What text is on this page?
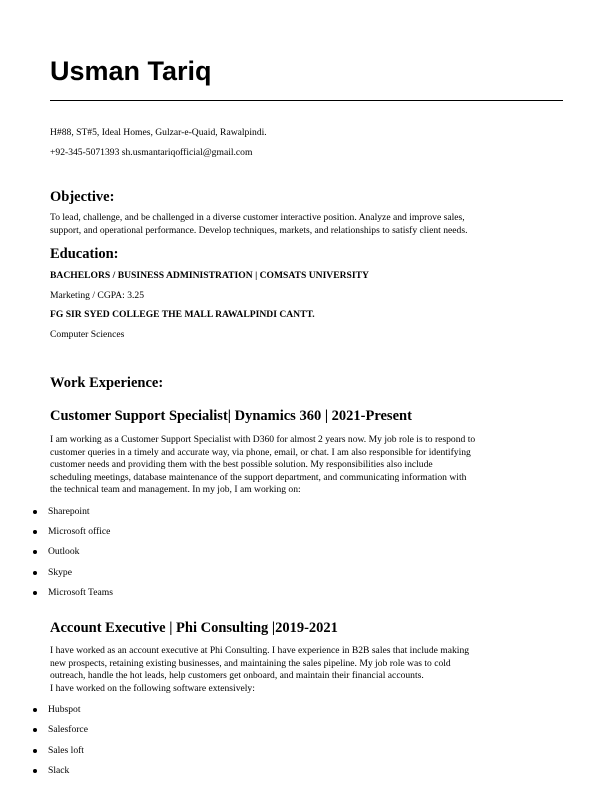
Usman Tariq
H#88, ST#5, Ideal Homes, Gulzar-e-Quaid, Rawalpindi.
+92-345-5071393 sh.usmantariqofficial@gmail.com
Objective:
To lead, challenge, and be challenged in a diverse customer interactive position. Analyze and improve sales,
support, and operational performance. Develop techniques, markets, and relationships to satisfy client needs.
Education:
BACHELORS / BUSINESS ADMINISTRATION | COMSATS UNIVERSITY
Marketing / CGPA: 3.25
FG SIR SYED COLLEGE THE MALL RAWALPINDI CANTT.
Computer Sciences
Work Experience:
Customer Support Specialist| Dynamics 360 | 2021-Present
I am working as a Customer Support Specialist with D360 for almost 2 years now. My job role is to respond to
customer queries in a timely and accurate way, via phone, email, or chat. I am also responsible for identifying
customer needs and providing them with the best possible solution. My responsibilities also include
scheduling meetings, database maintenance of the support department, and communicating information with
the technical team and management. In my job, I am working on:
Sharepoint
Microsoft office
Outlook
Skype
Microsoft Teams
Account Executive | Phi Consulting |2019-2021
I have worked as an account executive at Phi Consulting. I have experience in B2B sales that include making
new prospects, retaining existing businesses, and maintaining the sales pipeline. My job role was to cold
outreach, handle the hot leads, help customers get onboard, and maintain their financial accounts.
I have worked on the following software extensively:
Hubspot
Salesforce
Sales loft
Slack
